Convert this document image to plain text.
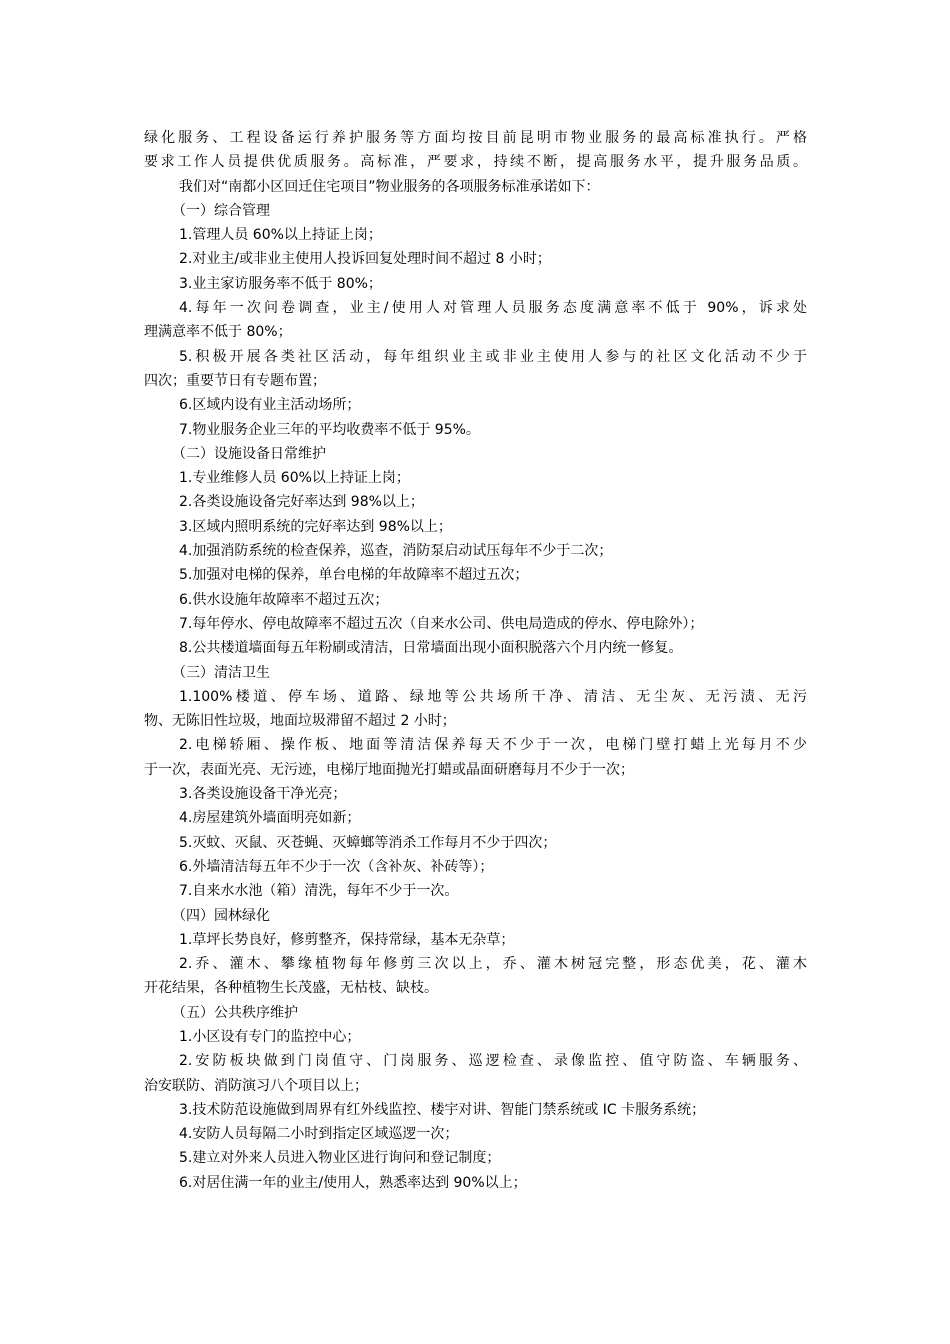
绿化服务、工程设备运行养护服务等方面均按目前昆明市物业服务的最高标准执行。严格
要求工作人员提供优质服务。高标准，严要求，持续不断，提高服务水平，提升服务品质。
我们对“南都小区回迁住宅项目”物业服务的各项服务标准承诺如下：
（一）综合管理
1.管理人员 60%以上持证上岗；
2.对业主/或非业主使用人投诉回复处理时间不超过 8 小时；
3.业主家访服务率不低于 80%；
4.每年一次问卷调查，业主/使用人对管理人员服务态度满意率不低于 90%，诉求处
理满意率不低于 80%；
5.积极开展各类社区活动，每年组织业主或非业主使用人参与的社区文化活动不少于
四次；重要节日有专题布置；
6.区域内设有业主活动场所；
7.物业服务企业三年的平均收费率不低于 95%。
（二）设施设备日常维护
1.专业维修人员 60%以上持证上岗；
2.各类设施设备完好率达到 98%以上；
3.区域内照明系统的完好率达到 98%以上；
4.加强消防系统的检查保养，巡查，消防泵启动试压每年不少于二次；
5.加强对电梯的保养，单台电梯的年故障率不超过五次；
6.供水设施年故障率不超过五次；
7.每年停水、停电故障率不超过五次（自来水公司、供电局造成的停水、停电除外）；
8.公共楼道墙面每五年粉刷或清洁，日常墙面出现小面积脱落六个月内统一修复。
（三）清洁卫生
1.100%楼道、停车场、道路、绿地等公共场所干净、清洁、无尘灰、无污渍、无污
物、无陈旧性垃圾，地面垃圾滞留不超过 2 小时；
2.电梯轿厢、操作板、地面等清洁保养每天不少于一次，电梯门壁打蜡上光每月不少
于一次，表面光亮、无污迹，电梯厅地面抛光打蜡或晶面研磨每月不少于一次；
3.各类设施设备干净光亮；
4.房屋建筑外墙面明亮如新；
5.灭蚊、灭鼠、灭苍蝇、灭蟑螂等消杀工作每月不少于四次；
6.外墙清洁每五年不少于一次（含补灰、补砖等）；
7.自来水水池（箱）清洗，每年不少于一次。
（四）园林绿化
1.草坪长势良好，修剪整齐，保持常绿，基本无杂草；
2.乔、灌木、攀缘植物每年修剪三次以上，乔、灌木树冠完整，形态优美，花、灌木
开花结果，各种植物生长茂盛，无枯枝、缺枝。
（五）公共秩序维护
1.小区设有专门的监控中心；
2.安防板块做到门岗值守、门岗服务、巡逻检查、录像监控、值守防盗、车辆服务、
治安联防、消防演习八个项目以上；
3.技术防范设施做到周界有红外线监控、楼宇对讲、智能门禁系统或 IC 卡服务系统；
4.安防人员每隔二小时到指定区域巡逻一次；
5.建立对外来人员进入物业区进行询问和登记制度；
6.对居住满一年的业主/使用人，熟悉率达到 90%以上；
